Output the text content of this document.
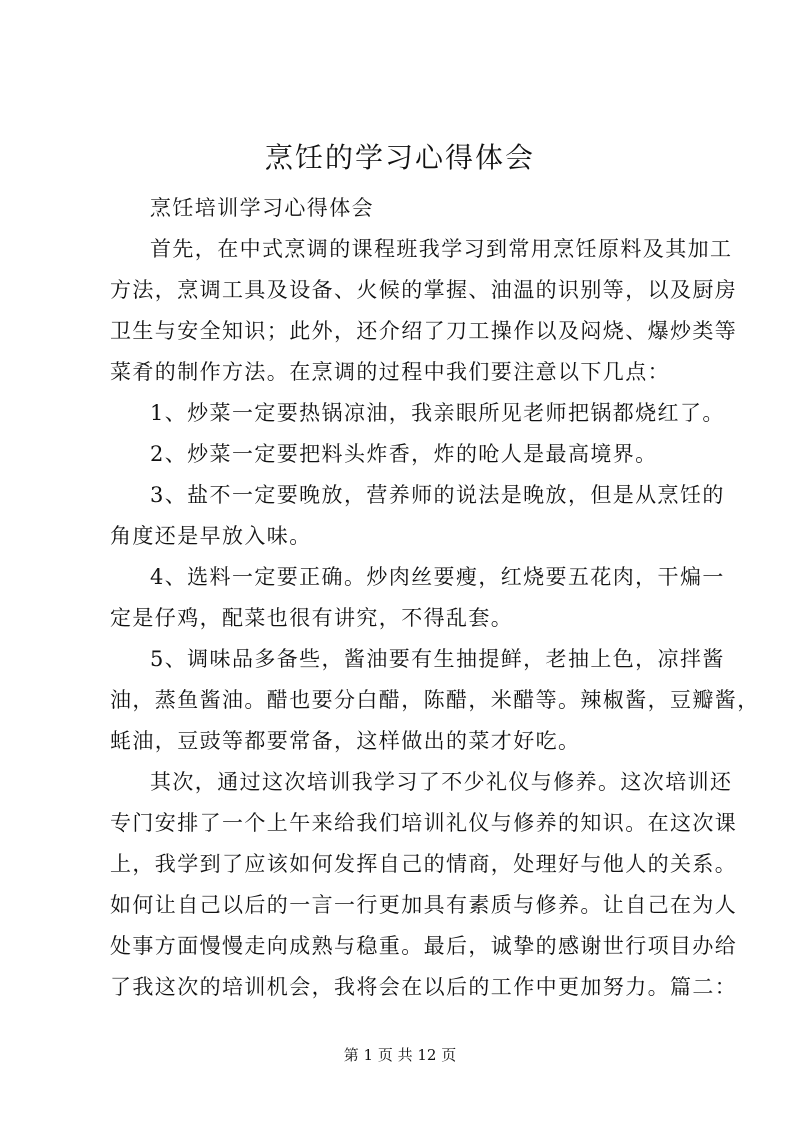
烹饪的学习心得体会
烹饪培训学习心得体会
首先，在中式烹调的课程班我学习到常用烹饪原料及其加工
方法，烹调工具及设备、火候的掌握、油温的识别等，以及厨房
卫生与安全知识；此外，还介绍了刀工操作以及闷烧、爆炒类等
菜肴的制作方法。在烹调的过程中我们要注意以下几点：
1、炒菜一定要热锅凉油，我亲眼所见老师把锅都烧红了。
2、炒菜一定要把料头炸香，炸的呛人是最高境界。
3、盐不一定要晚放，营养师的说法是晚放，但是从烹饪的
角度还是早放入味。
4、选料一定要正确。炒肉丝要瘦，红烧要五花肉，干煸一
定是仔鸡，配菜也很有讲究，不得乱套。
5、调味品多备些，酱油要有生抽提鲜，老抽上色，凉拌酱
油，蒸鱼酱油。醋也要分白醋，陈醋，米醋等。辣椒酱，豆瓣酱，
蚝油，豆豉等都要常备，这样做出的菜才好吃。
其次，通过这次培训我学习了不少礼仪与修养。这次培训还
专门安排了一个上午来给我们培训礼仪与修养的知识。在这次课
上，我学到了应该如何发挥自己的情商，处理好与他人的关系。
如何让自己以后的一言一行更加具有素质与修养。让自己在为人
处事方面慢慢走向成熟与稳重。最后，诚挚的感谢世行项目办给
了我这次的培训机会，我将会在以后的工作中更加努力。篇二：
第 1 页 共 12 页
